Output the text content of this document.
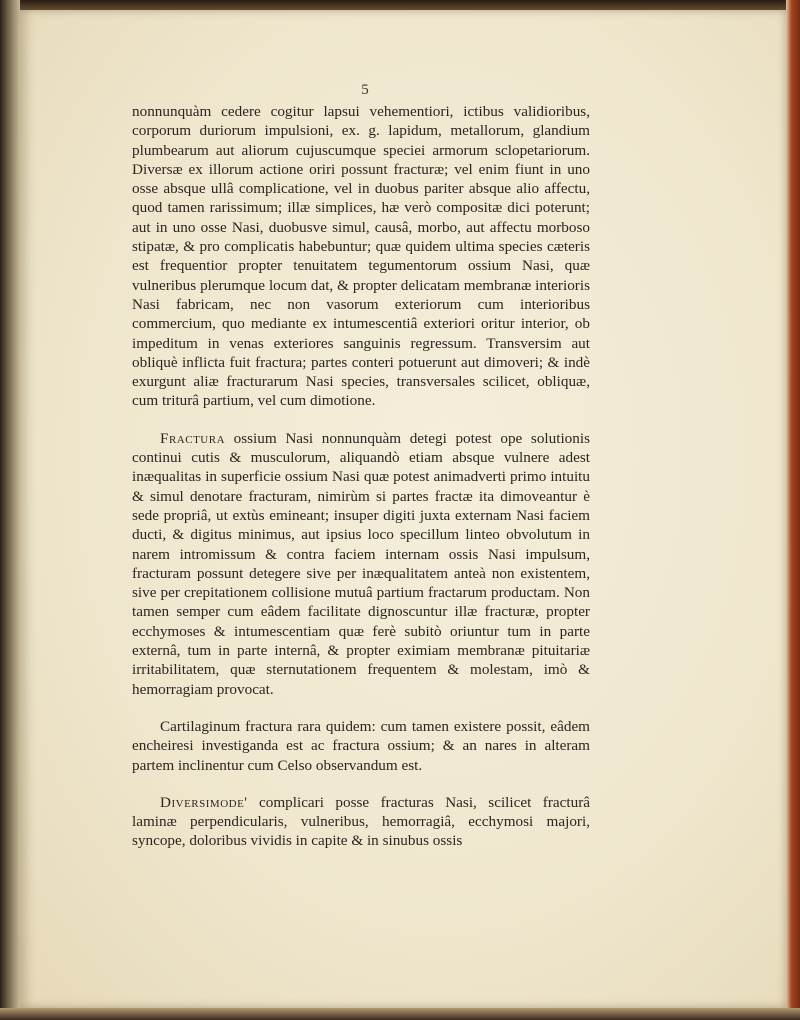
5

nonnunquàm cedere cogitur lapsui vehementiori, ictibus validioribus, corporum duriorum impulsioni, ex. g. lapidum, metallorum, glandium plumbearum aut aliorum cujuscumque speciei armorum sclopetariorum. Diversæ ex illorum actione oriri possunt fracturæ; vel enim fiunt in uno osse absque ullâ complicatione, vel in duobus pariter absque alio affectu, quod tamen rarissimum; illæ simplices, hæ verò compositæ dici poterunt; aut in uno osse Nasi, duobusve simul, causâ, morbo, aut affectu morboso stipatæ, & pro complicatis habebuntur; quæ quidem ultima species cæteris est frequentior propter tenuitatem tegumentorum ossium Nasi, quæ vulneribus plerumque locum dat, & propter delicatam membranæ interioris Nasi fabricam, nec non vasorum exteriorum cum interioribus commercium, quo mediante ex intumescentiâ exteriori oritur interior, ob impeditum in venas exteriores sanguinis regressum. Transversim aut obliquè inflicta fuit fractura; partes conteri potuerunt aut dimoveri; & indè exurgunt aliæ fracturarum Nasi species, transversales scilicet, obliquæ, cum triturâ partium, vel cum dimotione.

Fractura ossium Nasi nonnunquàm detegi potest ope solutionis continui cutis & musculorum, aliquandò etiam absque vulnere adest inæqualitas in superficie ossium Nasi quæ potest animadverti primo intuitu & simul denotare fracturam, nimirùm si partes fractæ ita dimoveantur è sede propriâ, ut extùs emineant; insuper digiti juxta externam Nasi faciem ducti, & digitus minimus, aut ipsius loco specillum linteo obvolutum in narem intromissum & contra faciem internam ossis Nasi impulsum, fracturam possunt detegere sive per inæqualitatem anteà non existentem, sive per crepitationem collisione mutuâ partium fractarum productam. Non tamen semper cum eâdem facilitate dignoscuntur illæ fracturæ, propter ecchymoses & intumescentiam quæ ferè subitò oriuntur tum in parte externâ, tum in parte internâ, & propter eximiam membranæ pituitariæ irritabilitatem, quæ sternutationem frequentem & molestam, imò & hemorragiam provocat.

Cartilaginum fractura rara quidem: cum tamen existere possit, eâdem encheiresi investiganda est ac fractura ossium; & an nares in alteram partem inclinentur cum Celso observandum est.

Diversimode' complicari posse fracturas Nasi, scilicet fracturâ laminæ perpendicularis, vulneribus, hemorragiâ, ecchymosi majori, syncope, doloribus vividis in capite & in sinubus ossis
